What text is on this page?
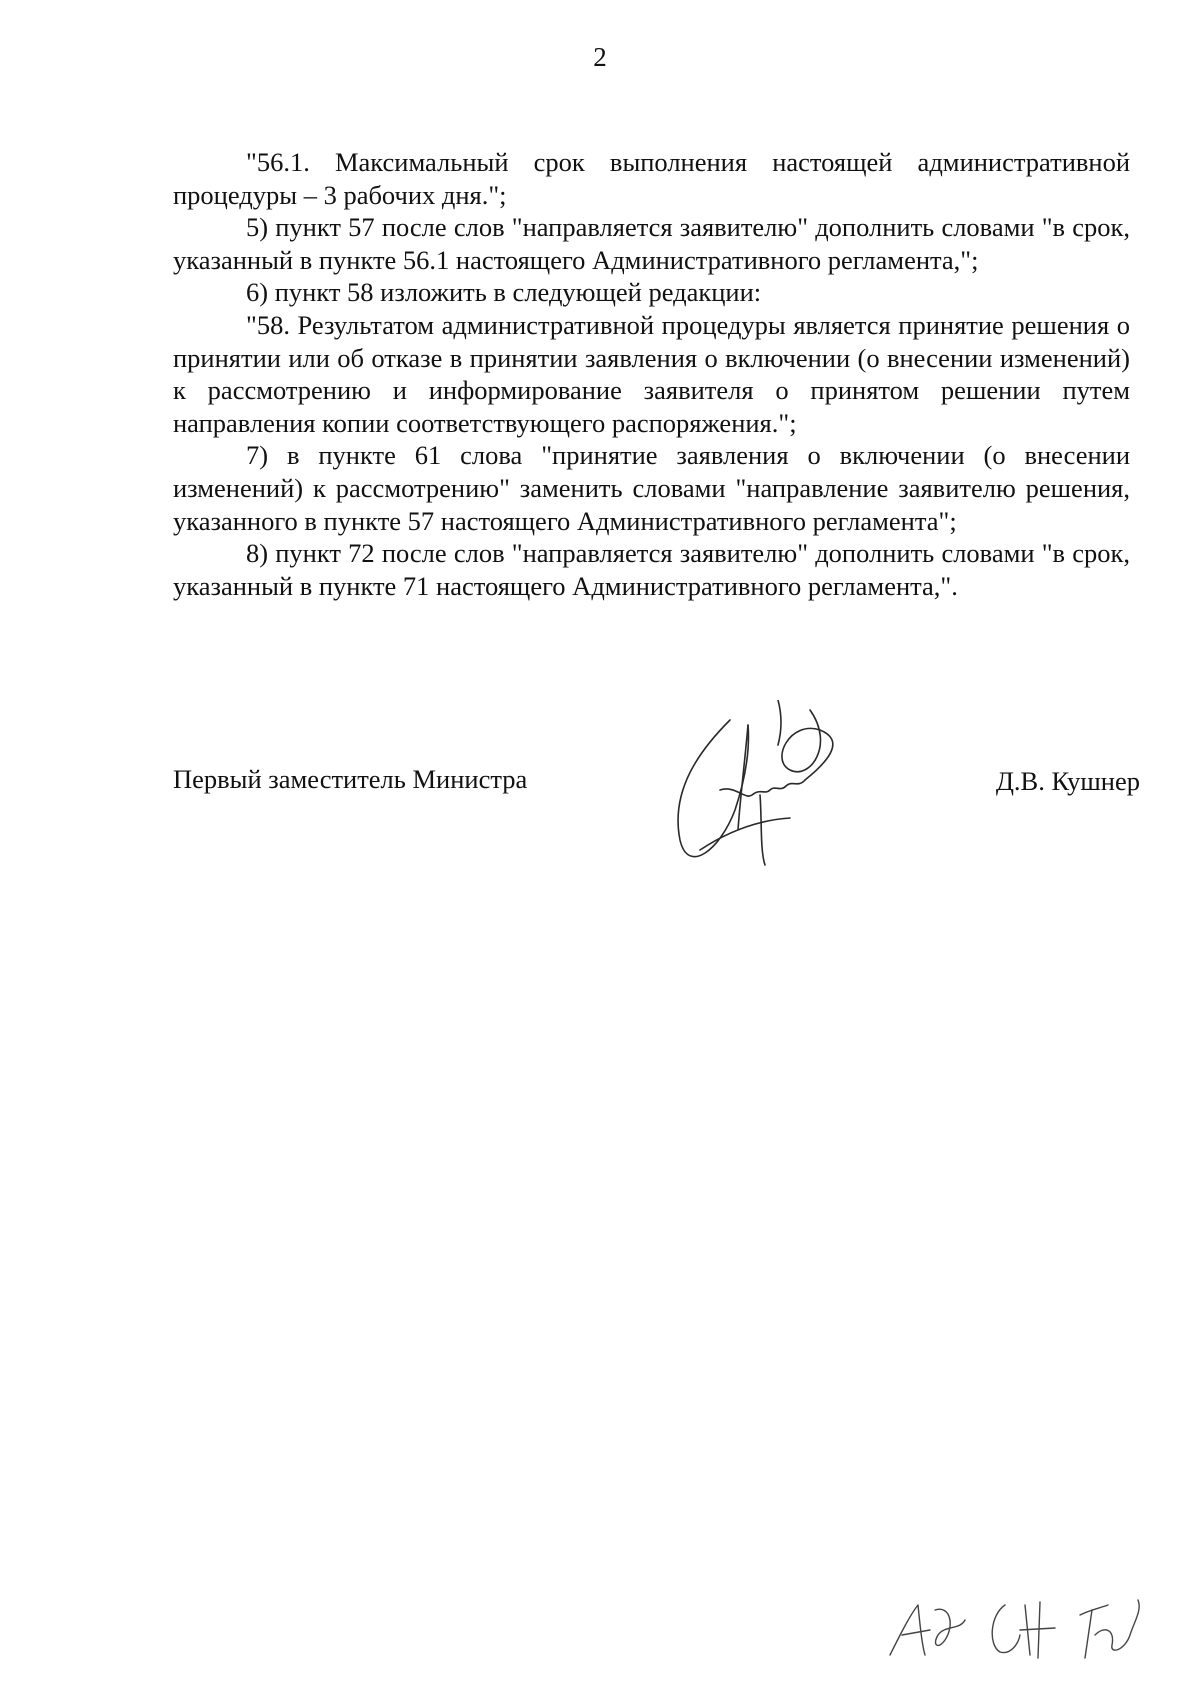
2

"56.1. Максимальный срок выполнения настоящей административной процедуры – 3 рабочих дня.";

5) пункт 57 после слов "направляется заявителю" дополнить словами "в срок, указанный в пункте 56.1 настоящего Административного регламента,";

6) пункт 58 изложить в следующей редакции:

"58. Результатом административной процедуры является принятие решения о принятии или об отказе в принятии заявления о включении (о внесении изменений) к рассмотрению и информирование заявителя о принятом решении путем направления копии соответствующего распоряжения.";

7) в пункте 61 слова "принятие заявления о включении (о внесении изменений) к рассмотрению" заменить словами "направление заявителю решения, указанного в пункте 57 настоящего Административного регламента";

8) пункт 72 после слов "направляется заявителю" дополнить словами "в срок, указанный в пункте 71 настоящего Административного регламента,".

Первый заместитель Министра	Д.В. Кушнер
